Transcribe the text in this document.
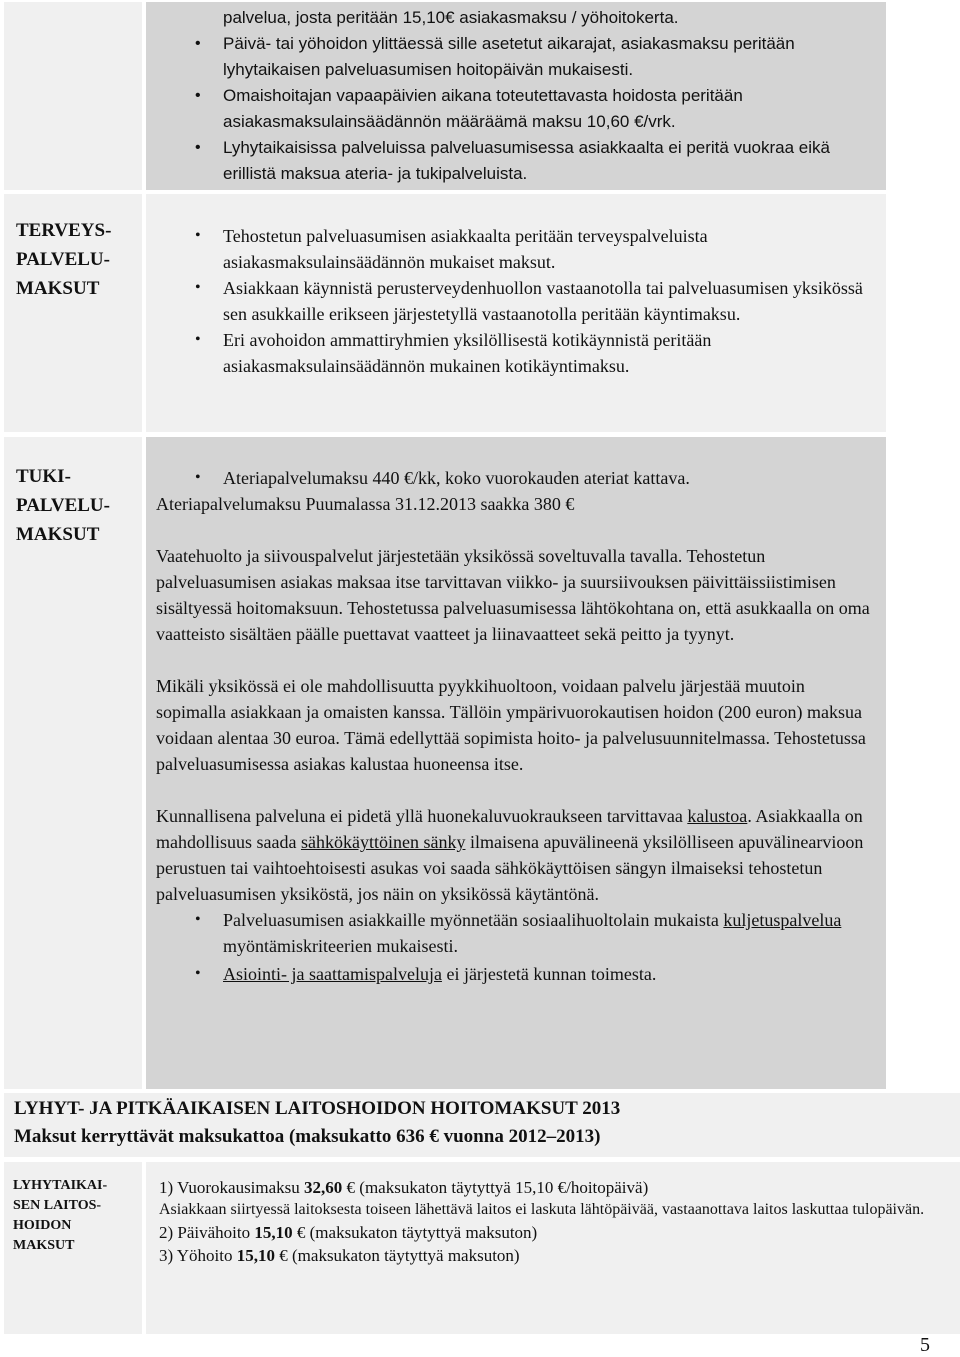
palvelua, josta peritään 15,10€ asiakasmaksu / yöhoitokerta.

• Päivä- tai yöhoidon ylittäessä sille asetetut aikarajat, asiakasmaksu peritään lyhytaikaisen palveluasumisen hoitopäivän mukaisesti.
• Omaishoitajan vapaapäivien aikana toteutettavasta hoidosta peritään asiakasmaksulainsäädännön määräämä maksu 10,60 €/vrk.
• Lyhytaikaisissa palveluissa palveluasumisessa asiakkaalta ei peritä vuokraa eikä erillistä maksua ateria- ja tukipalveluista.
TERVEYS-
PALVELU-
MAKSUT
• Tehostetun palveluasumisen asiakkaalta peritään terveyspalveluista asiakasmaksulainsäädännön mukaiset maksut.
• Asiakkaan käynnistä perusterveydenhuollon vastaanotolla tai palveluasumisen yksikössä sen asukkaille erikseen järjestetyllä vastaanotolla peritään käyntimaksu.
• Eri avohoidon ammattiryhmien yksilöllisestä kotikäynnistä peritään asiakasmaksulainsäädännön mukainen kotikäyntimaksu.
TUKI-
PALVELU-
MAKSUT
• Ateriapalvelumaksu 440 €/kk, koko vuorokauden ateriat kattava.

Ateriapalvelumaksu Puumalassa 31.12.2013 saakka 380 €

Vaatehuolto ja siivouspalvelut järjestetään yksikössä soveltuvalla tavalla. Tehostetun palveluasumisen asiakas maksaa itse tarvittavan viikko- ja suursiivouksen päivittäissiistimisen sisältyessä hoitomaksuun. Tehostetussa palveluasumisessa lähtökohtana on, että asukkaalla on oma vaatteisto sisältäen päälle puettavat vaatteet ja liinavaatteet sekä peitto ja tyynyt.

Mikäli yksikössä ei ole mahdollisuutta pyykkihuoltoon, voidaan palvelu järjestää muutoin sopimalla asiakkaan ja omaisten kanssa. Tällöin ympärivuorokautisen hoidon (200 euron) maksua voidaan alentaa 30 euroa. Tämä edellyttää sopimista hoito- ja palvelusuunnitelmassa. Tehostetussa palveluasumisessa asiakas kalustaa huoneensa itse.

Kunnallisena palveluna ei pidetä yllä huonekaluvuokraukseen tarvittavaa kalustoa. Asiakkaalla on mahdollisuus saada sähkökäyttöinen sänky ilmaisena apuvälineenä yksilölliseen apuvälinearvioon perustuen tai vaihtoehtoisesti asukas voi saada sähkökäyttöisen sängyn ilmaiseksi tehostetun palveluasumisen yksiköstä, jos näin on yksikössä käytäntönä.

• Palveluasumisen asiakkaille myönnetään sosiaalihuoltolain mukaista kuljetuspalvelua myöntämiskriteerien mukaisesti.
• Asiointi- ja saattamispalveluja ei järjestetä kunnan toimesta.
LYHYT- JA PITKÄAIKAISEN LAITOSHOIDON HOITOMAKSUT 2013
Maksut kerryttävät maksukattoa (maksukatto 636 € vuonna 2012–2013)
LYHYTAIKAI-
SEN LAITOS-
HOIDON
MAKSUT

1) Vuorokausimaksu 32,60 € (maksukaton täytyttyä 15,10 €/hoitopäivä)

Asiakkaan siirtyessä laitoksesta toiseen lähettävä laitos ei laskuta lähtöpäivää, vastaanottava laitos laskuttaa tulopäivän.

2) Päivähoito 15,10 € (maksukaton täytyttyä maksuton)

3) Yöhoito 15,10 € (maksukaton täytyttyä maksuton)

5
